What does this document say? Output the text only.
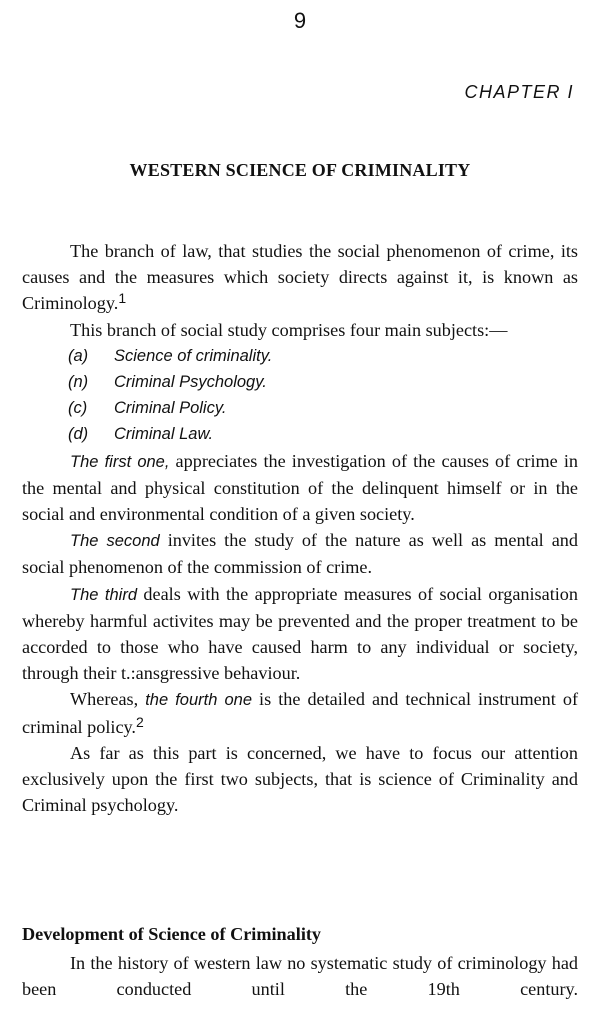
9
CHAPTER I
WESTERN SCIENCE OF CRIMINALITY

The branch of law, that studies the social phenomenon of crime, its causes and the measures which society directs against it, is known as Criminology.$^1$

This branch of social study comprises four main subjects:—

(a) Science of criminality.
(n) Criminal Psychology.
(c) Criminal Policy.
(d) Criminal Law.

The first one, appreciates the investigation of the causes of crime in the mental and physical constitution of the delinquent himself or in the social and environmental condition of a given society.

The second invites the study of the nature as well as mental and social phenomenon of the commission of crime.

The third deals with the appropriate measures of social organisation whereby harmful activites may be prevented and the proper treatment to be accorded to those who have caused harm to any individual or society, through their t.:ansgressive behaviour.

Whereas, the fourth one is the detailed and technical instrument of criminal policy.$^2$

As far as this part is concerned, we have to focus our attention exclusively upon the first two subjects, that is science of Criminality and Criminal psychology.

Development of Science of Criminality

In the history of western law no systematic study of criminology had been conducted until the 19th century.
